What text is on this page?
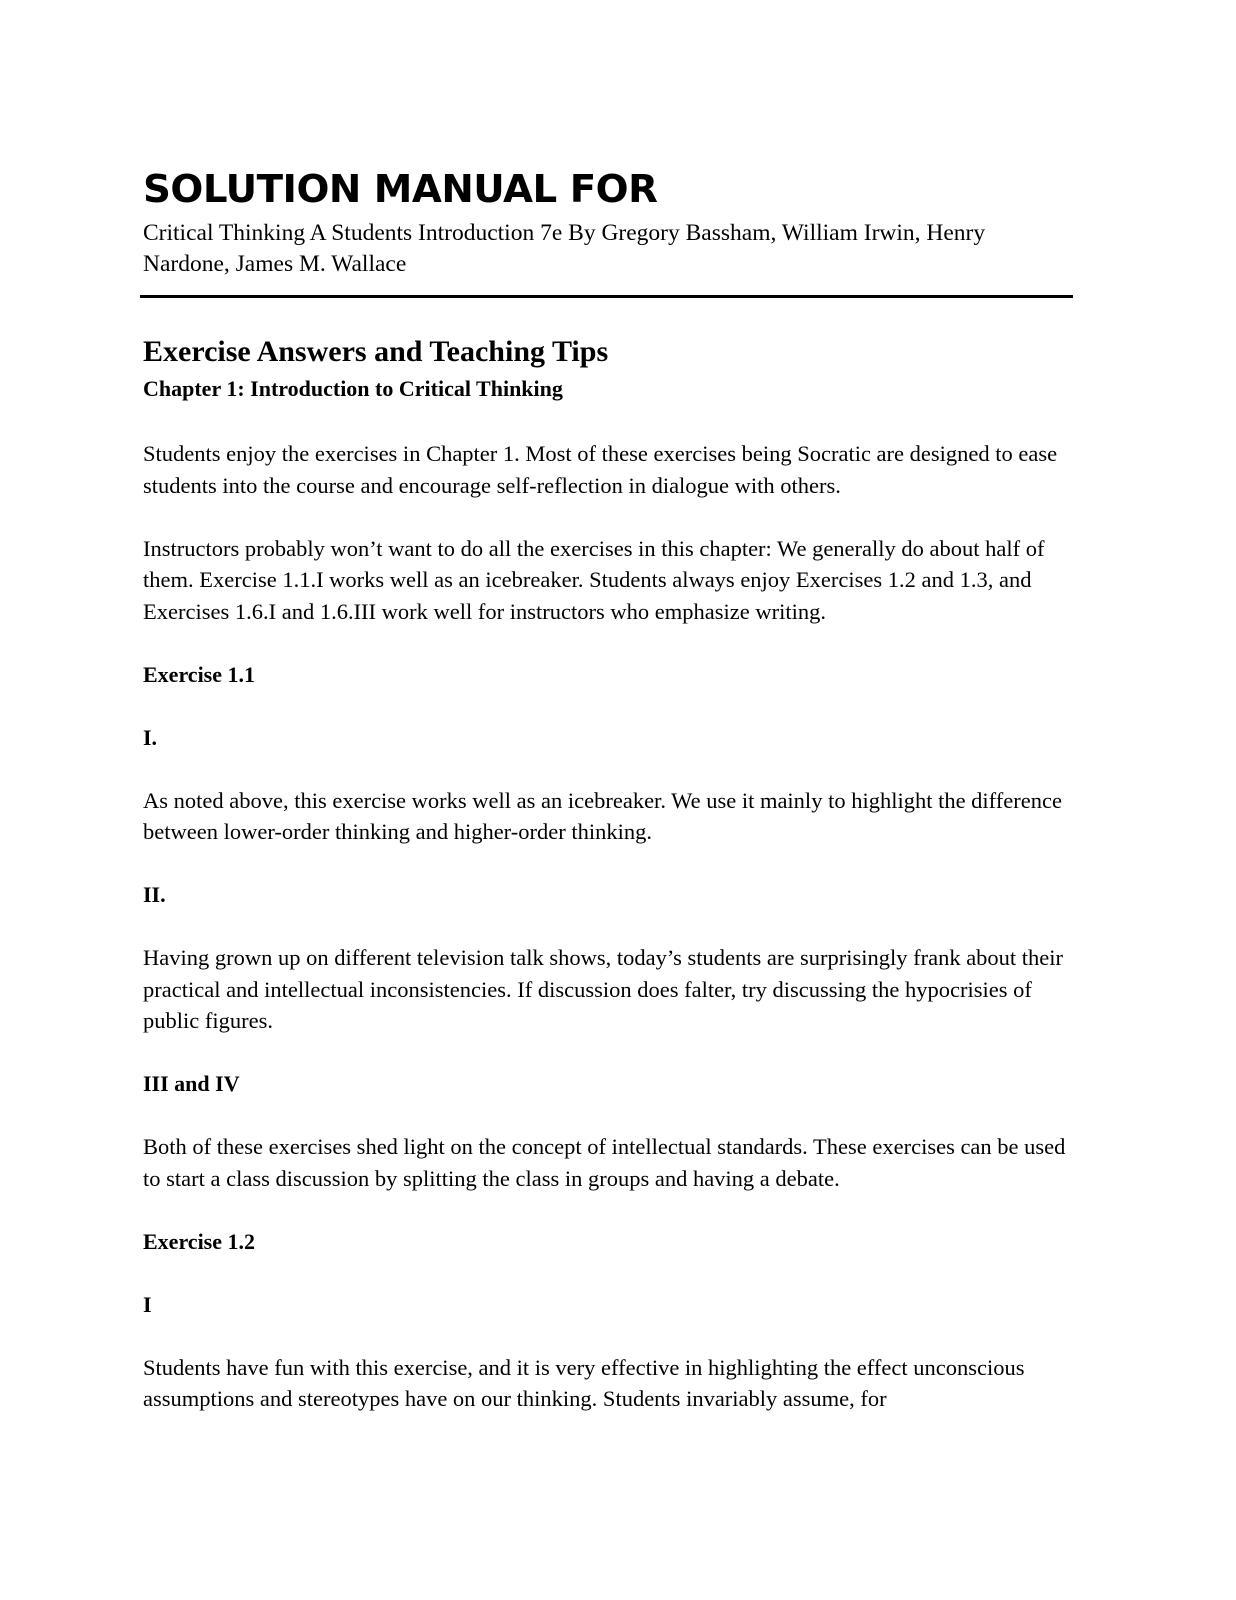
SOLUTION MANUAL FOR

Critical Thinking A Students Introduction 7e By Gregory Bassham, William Irwin, Henry Nardone, James M. Wallace

Exercise Answers and Teaching Tips
Chapter 1: Introduction to Critical Thinking

Students enjoy the exercises in Chapter 1. Most of these exercises being Socratic are designed to ease students into the course and encourage self-reflection in dialogue with others.

Instructors probably won’t want to do all the exercises in this chapter: We generally do about half of them. Exercise 1.1.I works well as an icebreaker. Students always enjoy Exercises 1.2 and 1.3, and Exercises 1.6.I and 1.6.III work well for instructors who emphasize writing.

Exercise 1.1

I.

As noted above, this exercise works well as an icebreaker. We use it mainly to highlight the difference between lower-order thinking and higher-order thinking.

II.

Having grown up on different television talk shows, today’s students are surprisingly frank about their practical and intellectual inconsistencies. If discussion does falter, try discussing the hypocrisies of public figures.

III and IV

Both of these exercises shed light on the concept of intellectual standards. These exercises can be used to start a class discussion by splitting the class in groups and having a debate.

Exercise 1.2

I

Students have fun with this exercise, and it is very effective in highlighting the effect unconscious assumptions and stereotypes have on our thinking. Students invariably assume, for
